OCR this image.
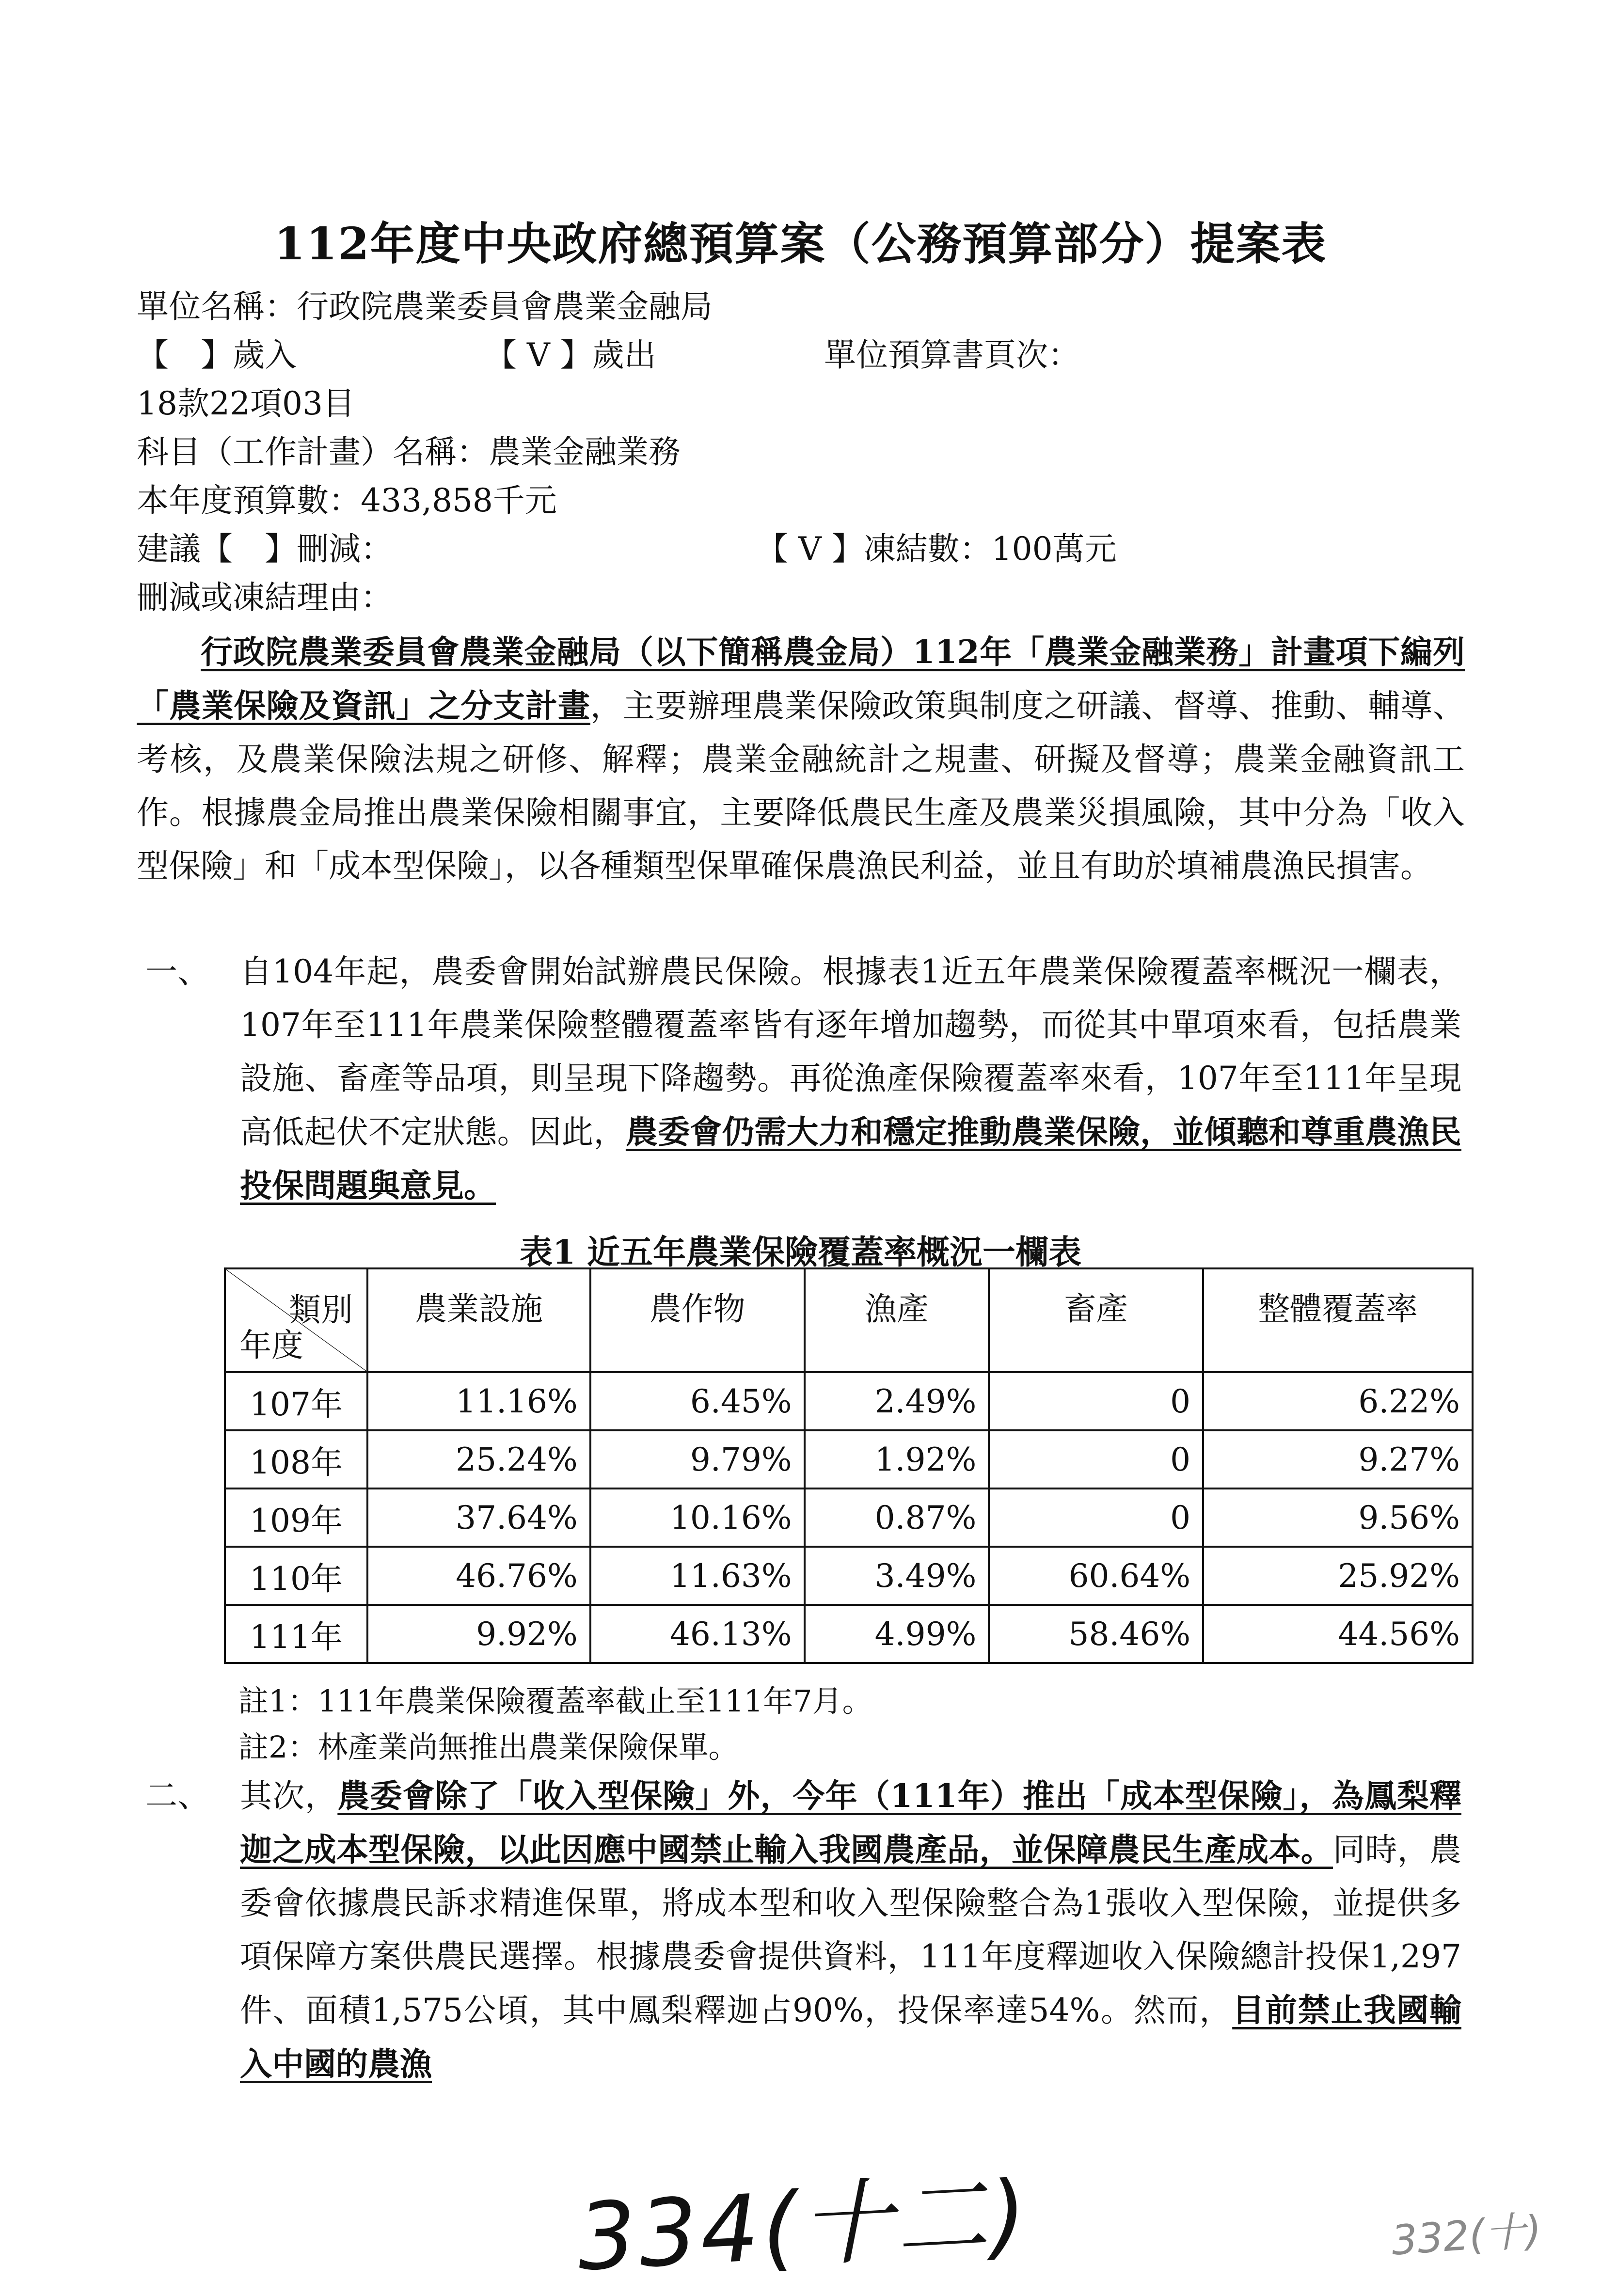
112年度中央政府總預算案（公務預算部分）提案表
單位名稱：行政院農業委員會農業金融局
【　】歲入	【 V 】歲出	單位預算書頁次：
18款22項03目
科目（工作計畫）名稱：農業金融業務
本年度預算數：433,858千元
建議【　】刪減：	【 V 】凍結數：100萬元
刪減或凍結理由：

行政院農業委員會農業金融局（以下簡稱農金局）112年「農業金融業務」計畫項下編列「農業保險及資訊」之分支計畫，主要辦理農業保險政策與制度之研議、督導、推動、輔導、考核，及農業保險法規之研修、解釋；農業金融統計之規畫、研擬及督導；農業金融資訊工作。根據農金局推出農業保險相關事宜，主要降低農民生產及農業災損風險，其中分為「收入型保險」和「成本型保險」，以各種類型保單確保農漁民利益，並且有助於填補農漁民損害。

一、 自104年起，農委會開始試辦農民保險。根據表1近五年農業保險覆蓋率概況一欄表，107年至111年農業保險整體覆蓋率皆有逐年增加趨勢，而從其中單項來看，包括農業設施、畜產等品項，則呈現下降趨勢。再從漁產保險覆蓋率來看，107年至111年呈現高低起伏不定狀態。因此，農委會仍需大力和穩定推動農業保險，並傾聽和尊重農漁民投保問題與意見。
表1 近五年農業保險覆蓋率概況一欄表
類別
年度	農業設施	農作物	漁產	畜產	整體覆蓋率
107年	11.16%	6.45%	2.49%	0	6.22%
108年	25.24%	9.79%	1.92%	0	9.27%
109年	37.64%	10.16%	0.87%	0	9.56%
110年	46.76%	11.63%	3.49%	60.64%	25.92%
111年	9.92%	46.13%	4.99%	58.46%	44.56%
註1：111年農業保險覆蓋率截止至111年7月。
註2：林產業尚無推出農業保險保單。
二、 其次，農委會除了「收入型保險」外，今年（111年）推出「成本型保險」，為鳳梨釋迦之成本型保險，以此因應中國禁止輸入我國農產品，並保障農民生產成本。同時，農委會依據農民訴求精進保單，將成本型和收入型保險整合為1張收入型保險，並提供多項保障方案供農民選擇。根據農委會提供資料，111年度釋迦收入保險總計投保1,297件、面積1,575公頃，其中鳳梨釋迦占90%，投保率達54%。然而，目前禁止我國輸入中國的農漁
334(十二)	332(十)
